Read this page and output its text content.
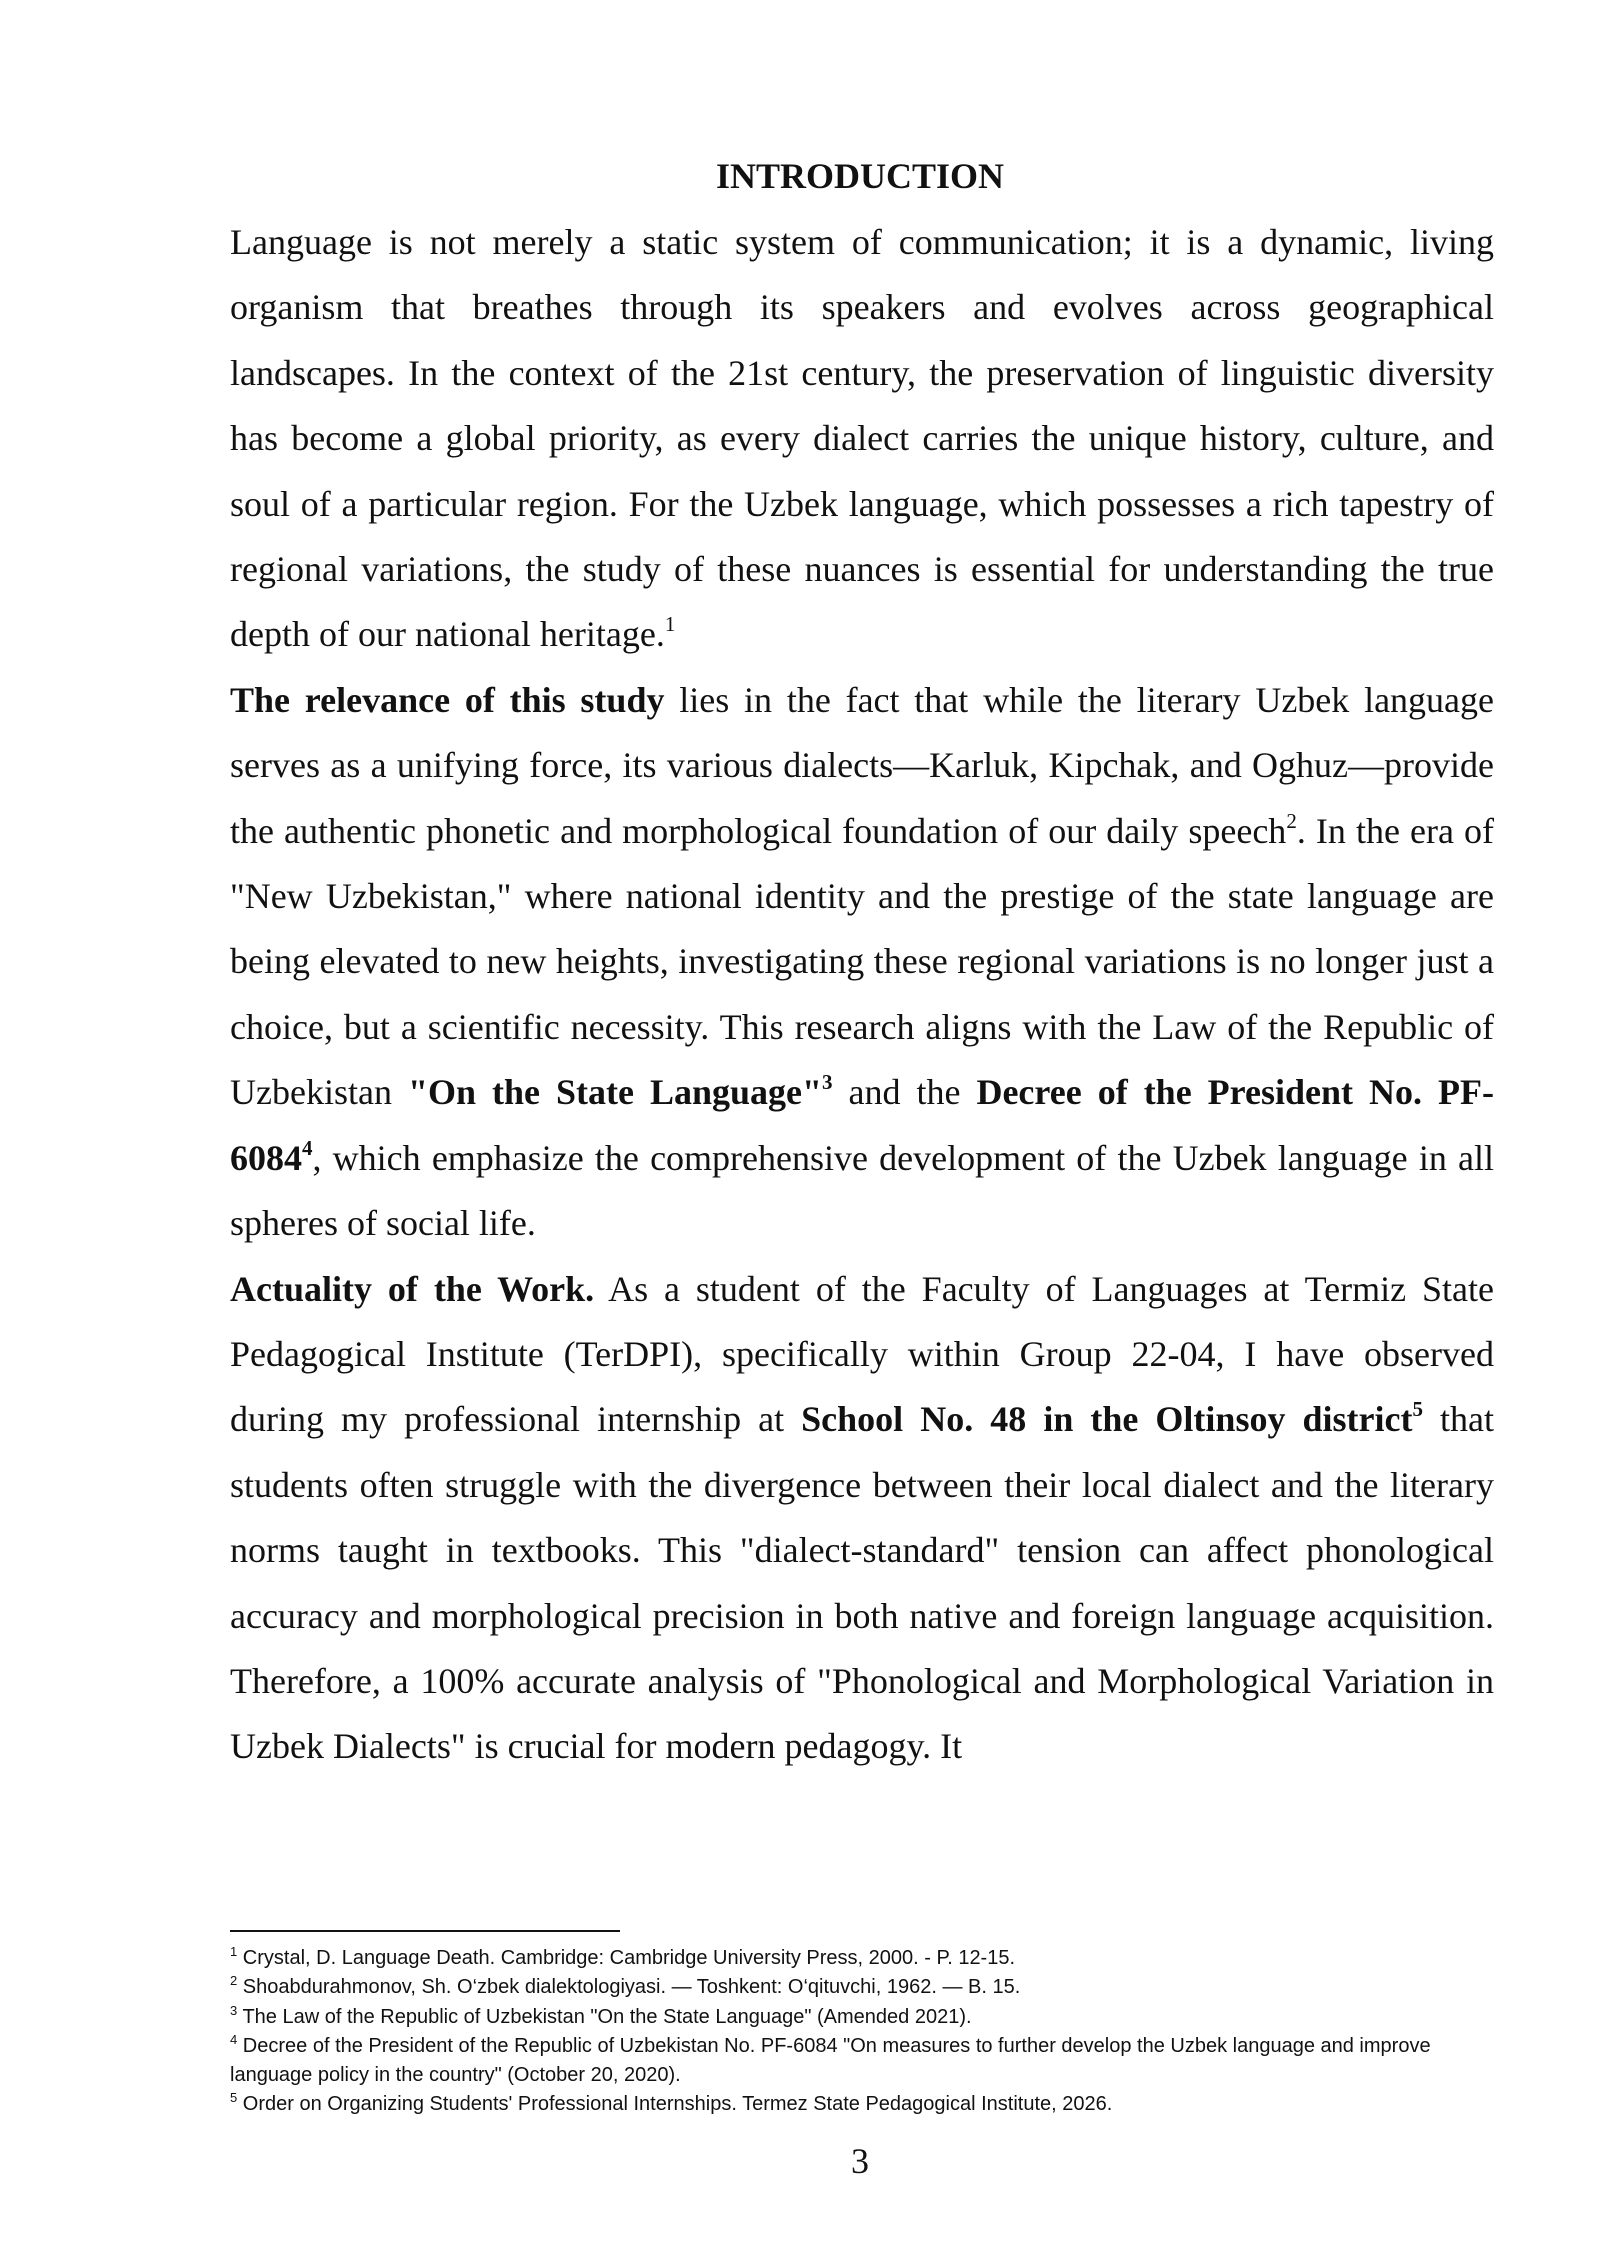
INTRODUCTION

Language is not merely a static system of communication; it is a dynamic, living organism that breathes through its speakers and evolves across geographical landscapes. In the context of the 21st century, the preservation of linguistic diversity has become a global priority, as every dialect carries the unique history, culture, and soul of a particular region. For the Uzbek language, which possesses a rich tapestry of regional variations, the study of these nuances is essential for understanding the true depth of our national heritage.$^1$

The relevance of this study lies in the fact that while the literary Uzbek language serves as a unifying force, its various dialects—Karluk, Kipchak, and Oghuz—provide the authentic phonetic and morphological foundation of our daily speech$^2$. In the era of "New Uzbekistan," where national identity and the prestige of the state language are being elevated to new heights, investigating these regional variations is no longer just a choice, but a scientific necessity. This research aligns with the Law of the Republic of Uzbekistan "On the State Language"$^3$ and the Decree of the President No. PF-6084$^4$, which emphasize the comprehensive development of the Uzbek language in all spheres of social life.

Actuality of the Work. As a student of the Faculty of Languages at Termiz State Pedagogical Institute (TerDPI), specifically within Group 22-04, I have observed during my professional internship at School No. 48 in the Oltinsoy district$^5$ that students often struggle with the divergence between their local dialect and the literary norms taught in textbooks. This "dialect-standard" tension can affect phonological accuracy and morphological precision in both native and foreign language acquisition. Therefore, a 100% accurate analysis of "Phonological and Morphological Variation in Uzbek Dialects" is crucial for modern pedagogy. It

$^1$ Crystal, D. Language Death. Cambridge: Cambridge University Press, 2000. - P. 12-15.

$^2$ Shoabdurahmonov, Sh. O‘zbek dialektologiyasi. — Toshkent: O‘qituvchi, 1962. — B. 15.

$^3$ The Law of the Republic of Uzbekistan "On the State Language" (Amended 2021).

$^4$ Decree of the President of the Republic of Uzbekistan No. PF-6084 "On measures to further develop the Uzbek language and improve language policy in the country" (October 20, 2020).

$^5$ Order on Organizing Students' Professional Internships. Termez State Pedagogical Institute, 2026.

3
